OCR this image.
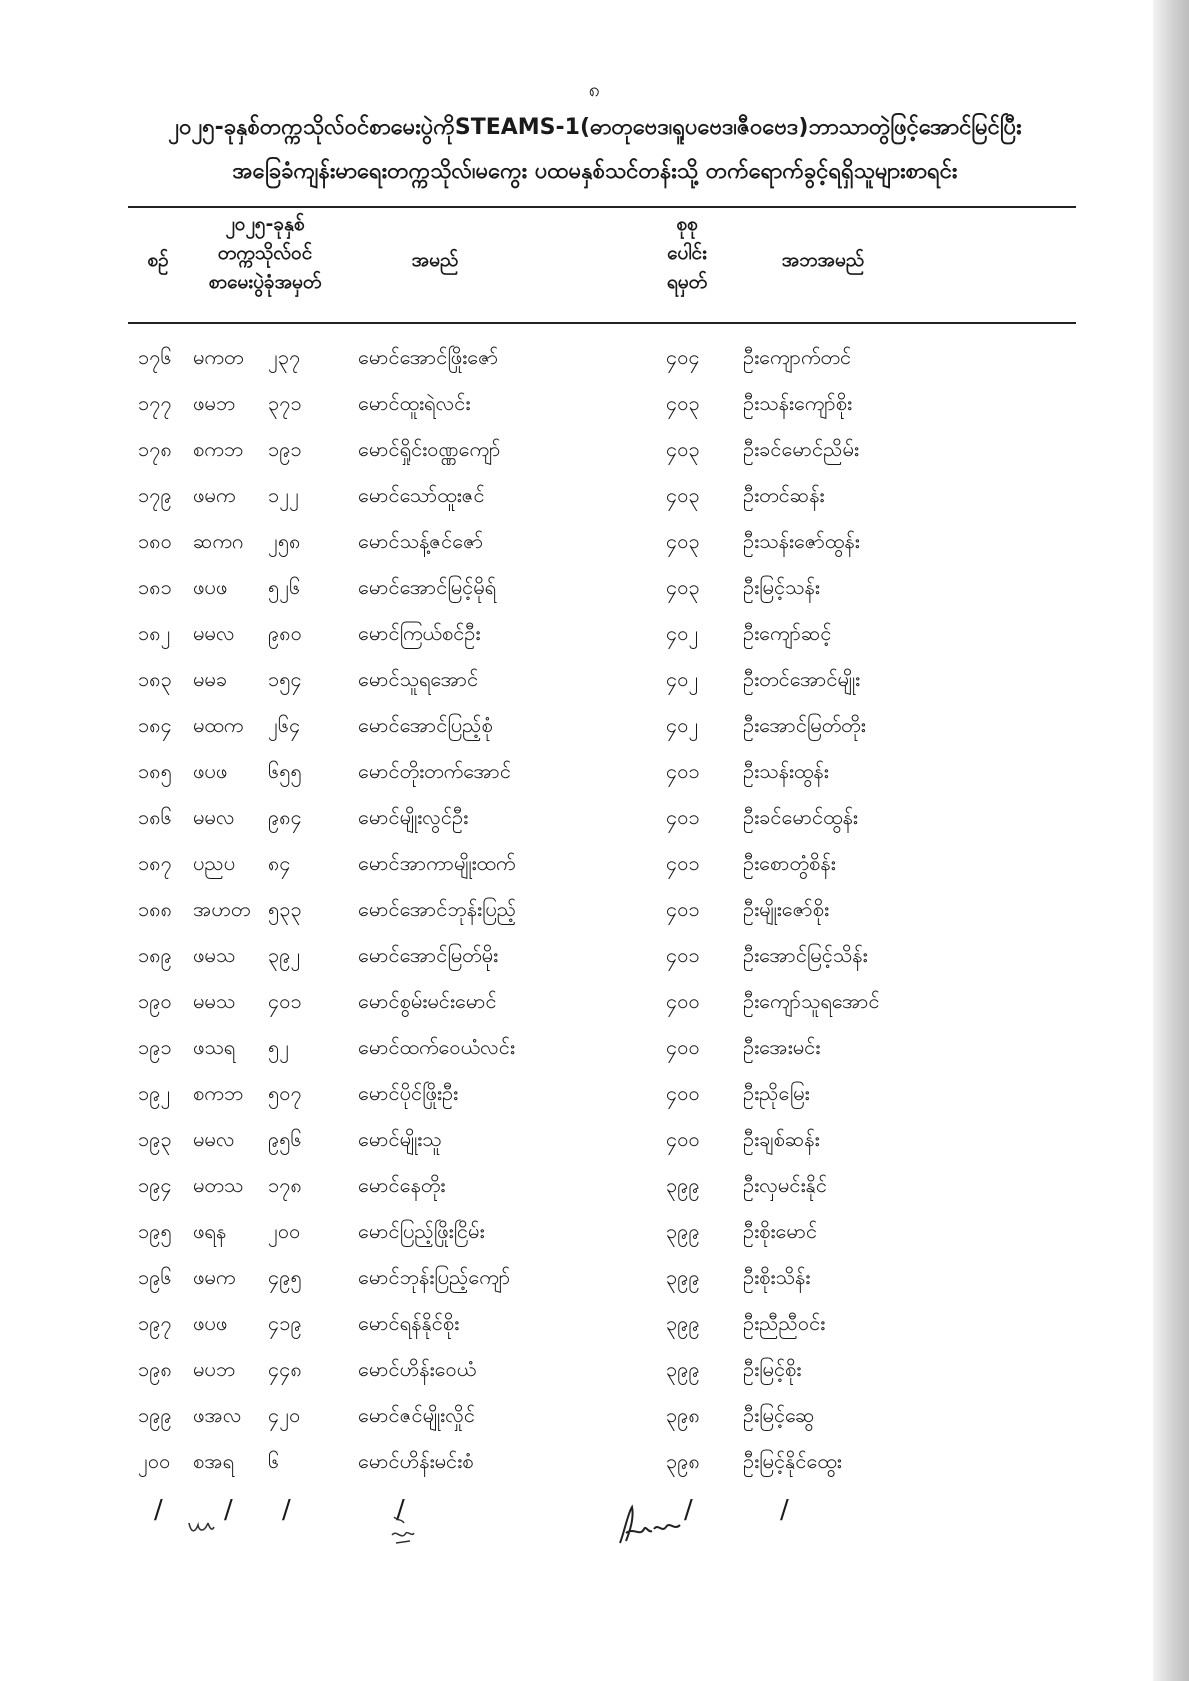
၈
၂၀၂၅-ခုနှစ်တက္ကသိုလ်ဝင်စာမေးပွဲကိုSTEAMS-1(ဓာတုဗေဒ၊ရူပဗေဒ၊ဇီဝဗေဒ)ဘာသာတွဲဖြင့်အောင်မြင်ပြီး
အခြေခံကျန်းမာရေးတက္ကသိုလ်၊မကွေး ပထမနှစ်သင်တန်းသို့ တက်ရောက်ခွင့်ရရှိသူများစာရင်း
စဉ်
၂၀၂၅-ခုနှစ်
တက္ကသိုလ်ဝင်
စာမေးပွဲခုံအမှတ်
အမည်
စုစု
ပေါင်း
ရမှတ်
အဘအမည်
၁၇၆ မကတ ၂၃၇	မောင်အောင်ဖြိုးဇော်	၄၀၄ ဦးကျောက်တင်
၁၇၇ ဖမဘ ၃၇၁	မောင်ထူးရဲလင်း	၄၀၃ ဦးသန်းကျော်စိုး
၁၇၈ စကဘ ၁၉၁	မောင်ရှိုင်းဝဏ္ဏကျော်	၄၀၃ ဦးခင်မောင်ညိမ်း
၁၇၉ ဖမက ၁၂၂	မောင်သော်ထူးဇင်	၄၀၃ ဦးတင်ဆန်း
၁၈၀ ဆကဂ ၂၅၈	မောင်သန့်ဇင်ဇော်	၄၀၃ ဦးသန်းဇော်ထွန်း
၁၈၁ ဖပဖ ၅၂၆	မောင်အောင်မြင့်မိုရ်	၄၀၃ ဦးမြင့်သန်း
၁၈၂ မမလ ၉၈၀	မောင်ကြယ်စင်ဦး	၄၀၂ ဦးကျော်ဆင့်
၁၈၃ မမခ ၁၅၄	မောင်သူရအောင်	၄၀၂ ဦးတင်အောင်မျိုး
၁၈၄ မထက ၂၆၄	မောင်အောင်ပြည့်စုံ	၄၀၂ ဦးအောင်မြတ်တိုး
၁၈၅ ဖပဖ ၆၅၅	မောင်တိုးတက်အောင်	၄၀၁ ဦးသန်းထွန်း
၁၈၆ မမလ ၉၈၄	မောင်မျိုးလွင်ဦး	၄၀၁ ဦးခင်မောင်ထွန်း
၁၈၇ ပညပ ၈၄	မောင်အာကာမျိုးထက်	၄၀၁ ဦးစောတွံစိန်း
၁၈၈ အဟတ ၅၃၃	မောင်အောင်ဘုန်းပြည့်	၄၀၁ ဦးမျိုးဇော်စိုး
၁၈၉ ဖမသ ၃၉၂	မောင်အောင်မြတ်မိုး	၄၀၁ ဦးအောင်မြင့်သိန်း
၁၉၀ မမသ ၄၀၁	မောင်စွမ်းမင်းမောင်	၄၀၀ ဦးကျော်သူရအောင်
၁၉၁ ဖသရ ၅၂	မောင်ထက်ဝေယံလင်း	၄၀၀ ဦးအေးမင်း
၁၉၂ စကဘ ၅၀၇	မောင်ပိုင်ဖြိုးဦး	၄၀၀ ဦးညိုမြေး
၁၉၃ မမလ ၉၅၆	မောင်မျိုးသူ	၄၀၀ ဦးချစ်ဆန်း
၁၉၄ မတသ ၁၇၈	မောင်နေတိုး	၃၉၉ ဦးလှမင်းနိုင်
၁၉၅ ဖရန ၂၀၀	မောင်ပြည့်ဖြိုးငြိမ်း	၃၉၉ ဦးစိုးမောင်
၁၉၆ ဖမက ၄၉၅	မောင်ဘုန်းပြည့်ကျော်	၃၉၉ ဦးစိုးသိန်း
၁၉၇ ဖပဖ ၄၁၉	မောင်ရန်နိုင်စိုး	၃၉၉ ဦးညီညီဝင်း
၁၉၈ မပဘ ၄၄၈	မောင်ဟိန်းဝေယံ	၃၉၉ ဦးမြင့်စိုး
၁၉၉ ဖအလ ၄၂၀	မောင်ဇင်မျိုးလှိုင်	၃၉၈ ဦးမြင့်ဆွေ
၂၀၀ စအရ ၆	မောင်ဟိန်းမင်းစံ	၃၉၈ ဦးမြင့်နိုင်ထွေး
/ / /	/	/	/
